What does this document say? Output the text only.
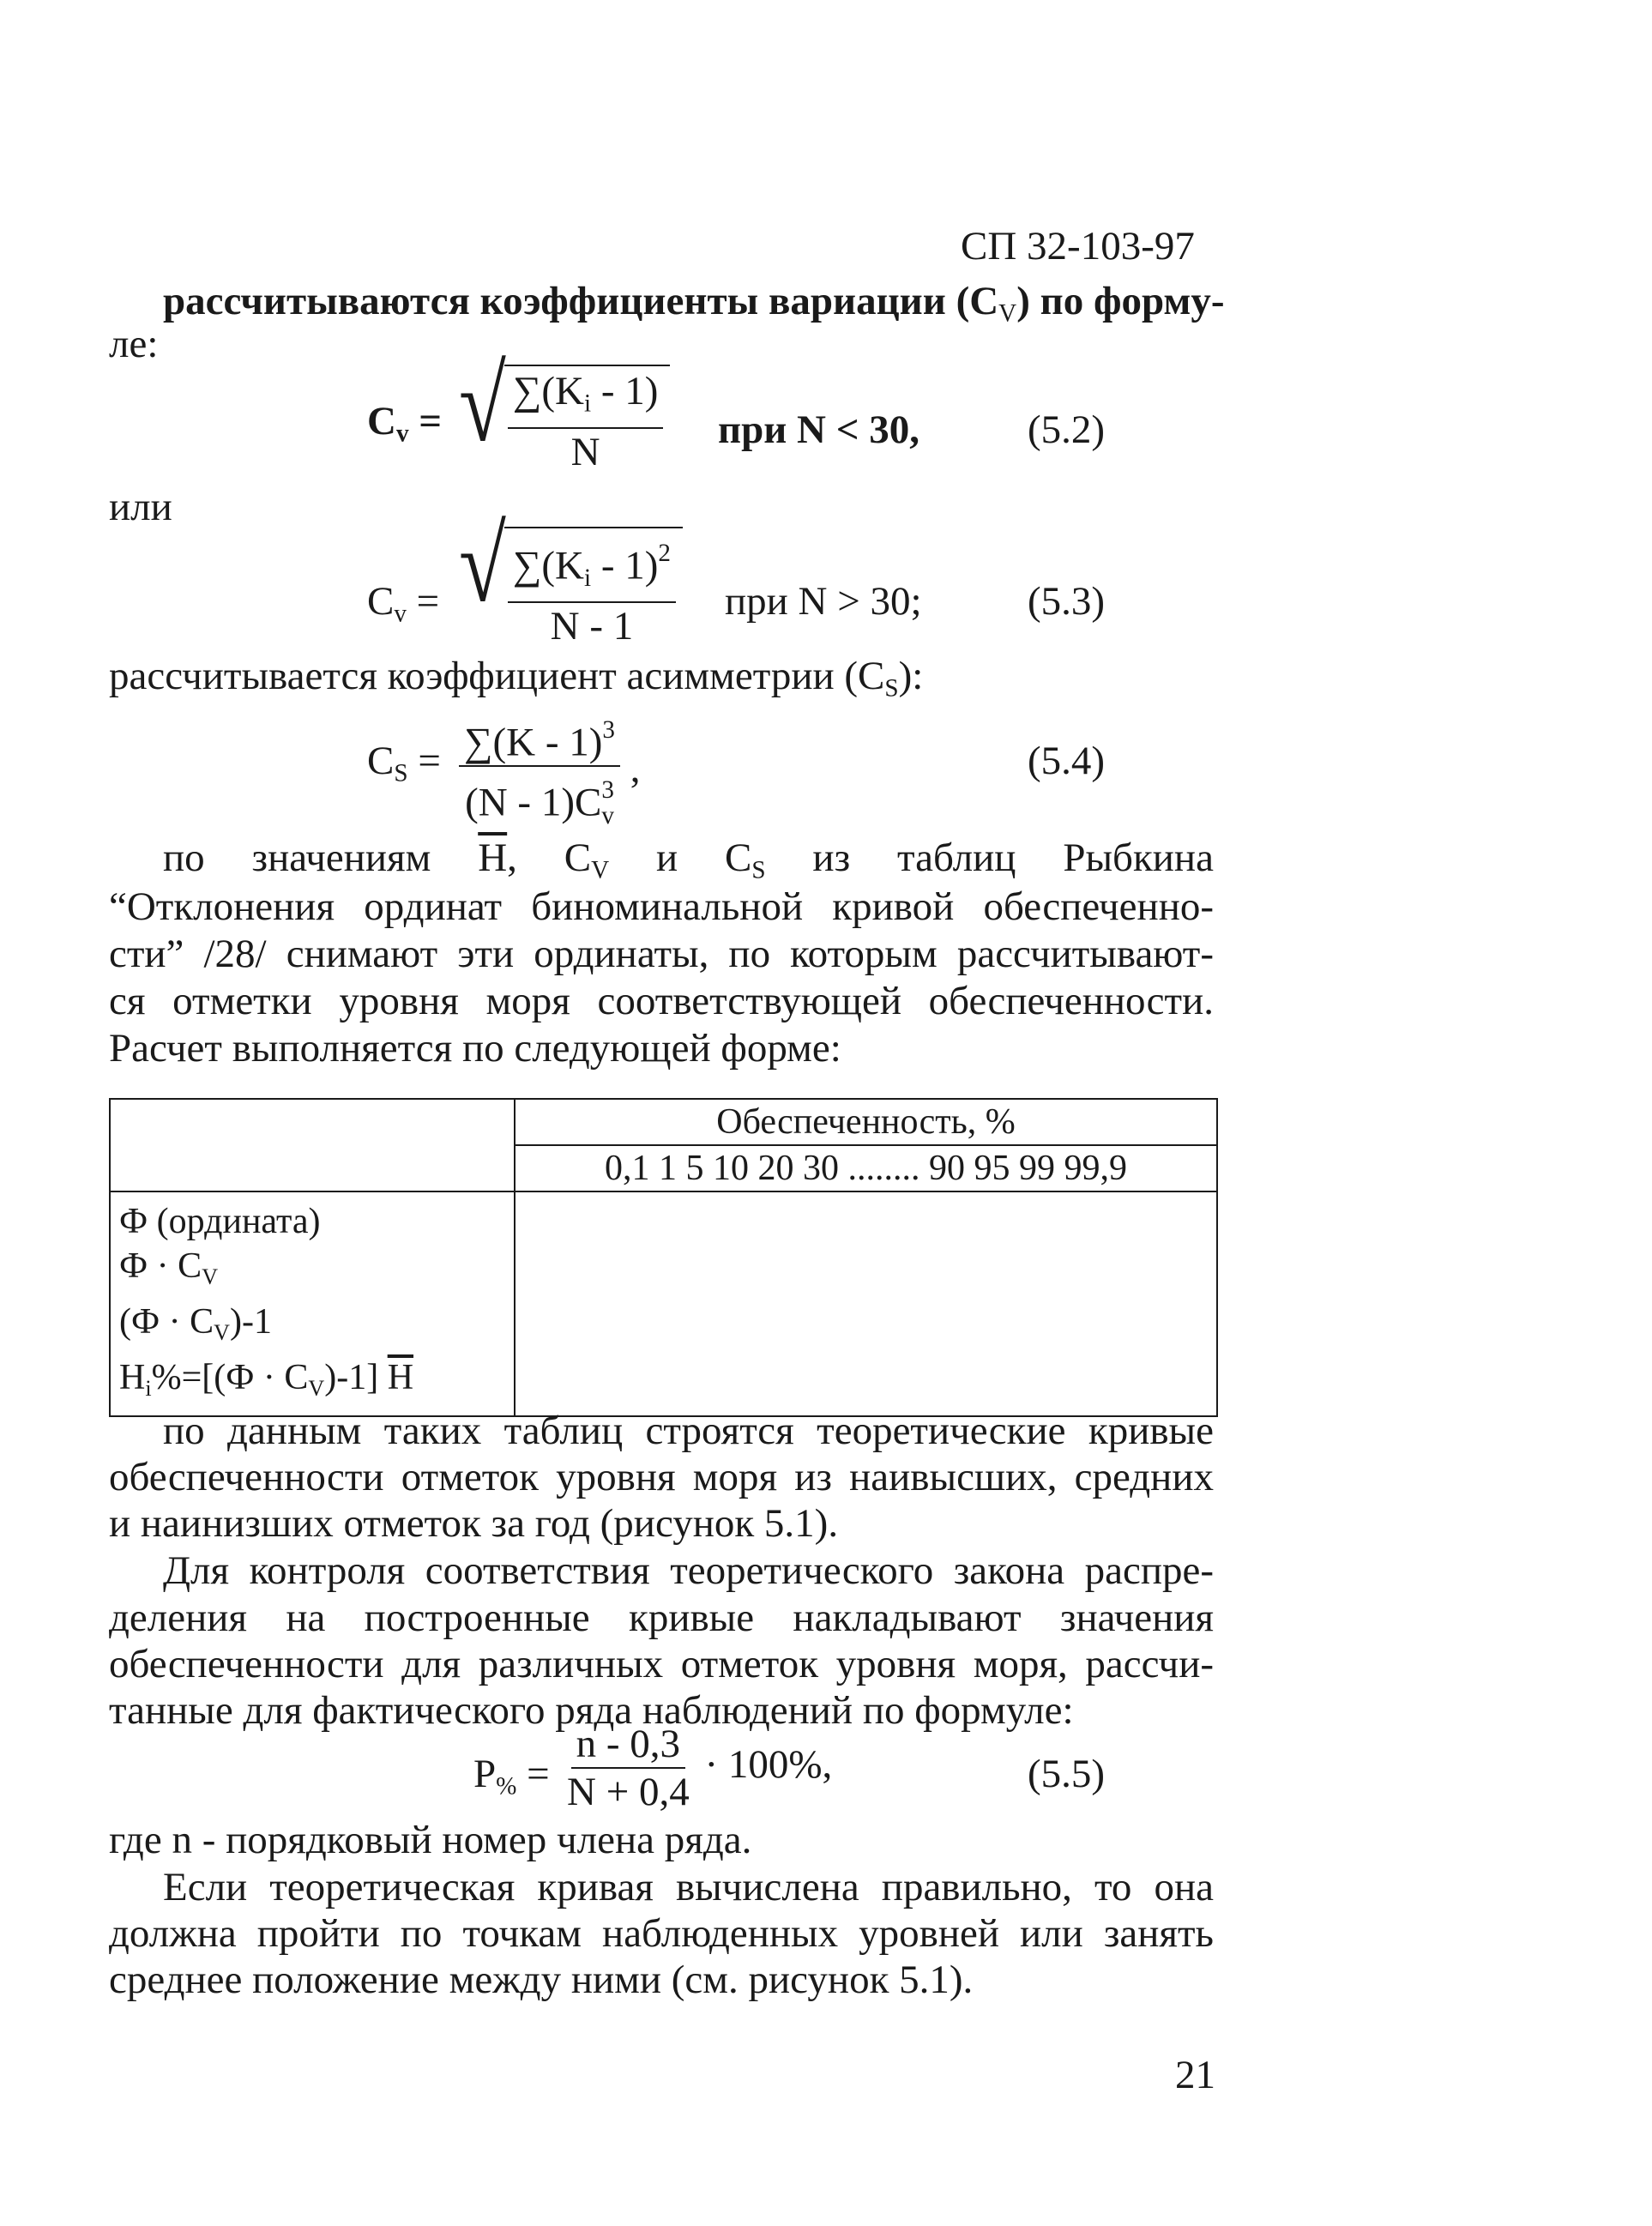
СП 32-103-97
рассчитываются коэффициенты вариации $(С_V)$ по форму-
ле:
$С_v$ = √ $\frac{\sum(K_i - 1)}{N}$ при N < 30,	(5.2)
или
$С_v$ = √ $\frac{\sum(K_i - 1)^2}{N - 1}$ при N > 30;	(5.3)
рассчитывается коэффициент асимметрии $(С_S)$:
$С_S = \frac{\sum(K - 1)^3}{(N - 1)C^3_v}$ ,	(5.4)
по значениям $\overline{H}$, $С_V$ и $С_S$ из таблиц Рыбкина
“Отклонения ординат биноминальной кривой обеспеченно-
сти” /28/ снимают эти ординаты, по которым рассчитывают-
ся отметки уровня моря соответствующей обеспеченности.
Расчет выполняется по следующей форме:
	Обеспеченность, %
	0,1 1 5 10 20 30 ........ 90 95 99 99,9

Ф (ордината)
$Ф \cdot С_V$
$(Ф \cdot С_V)-1$
$H_i\%=[(Ф \cdot С_V)-1]$ $\overline{H}$

по данным таких таблиц строятся теоретические кривые
обеспеченности отметок уровня моря из наивысших, средних
и наинизших отметок за год (рисунок 5.1).
Для контроля соответствия теоретического закона распре-
деления на построенные кривые накладывают значения
обеспеченности для различных отметок уровня моря, рассчи-
танные для фактического ряда наблюдений по формуле:
$P_{\%} = \frac{n - 0,3}{N + 0,4} \cdot 100\%$,	(5.5)
где n - порядковый номер члена ряда.
Если теоретическая кривая вычислена правильно, то она
должна пройти по точкам наблюденных уровней или занять
среднее положение между ними (см. рисунок 5.1).
21
